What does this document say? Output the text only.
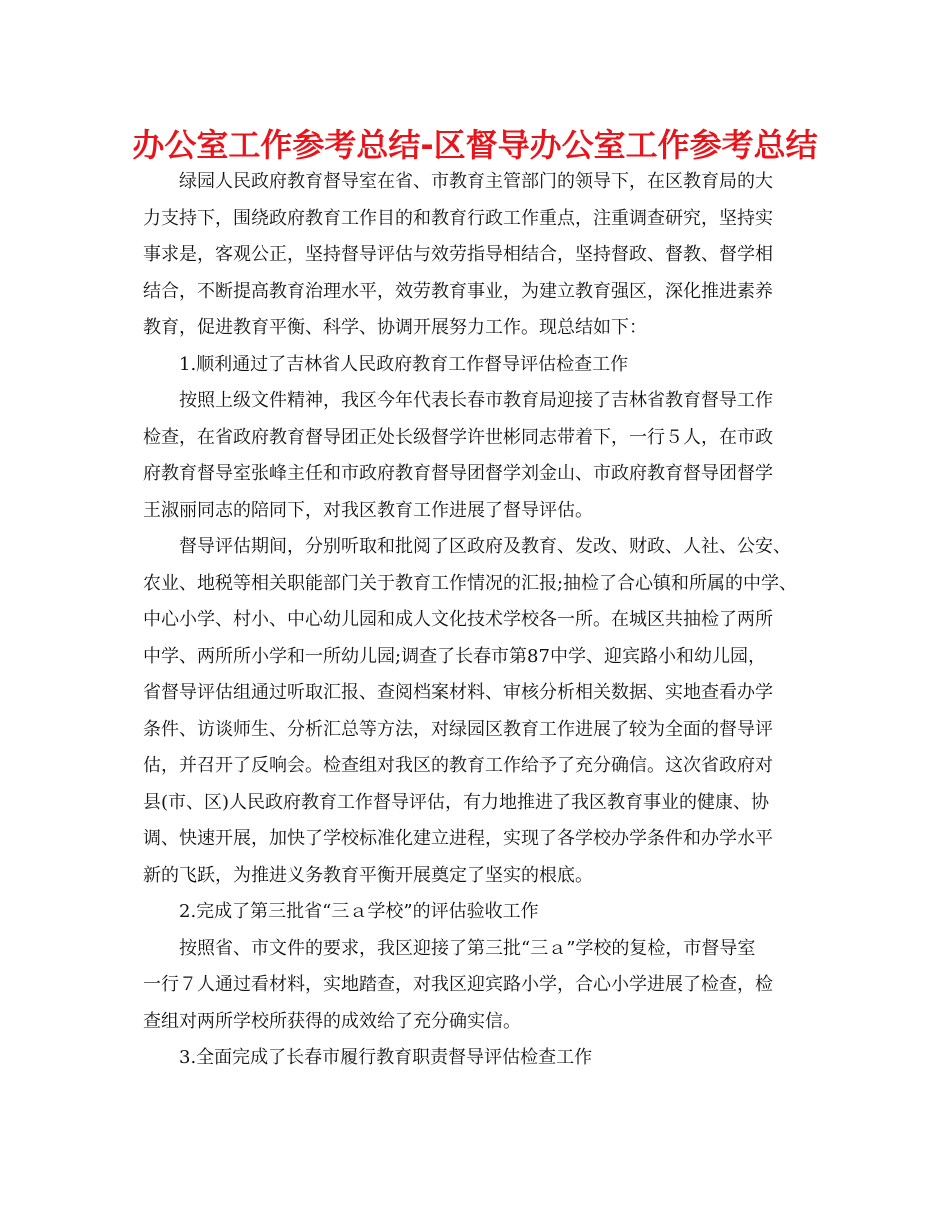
办公室工作参考总结-区督导办公室工作参考总结
绿园人民政府教育督导室在省、市教育主管部门的领导下，在区教育局的大
力支持下，围绕政府教育工作目的和教育行政工作重点，注重调查研究，坚持实
事求是，客观公正，坚持督导评估与效劳指导相结合，坚持督政、督教、督学相
结合，不断提高教育治理水平，效劳教育事业，为建立教育强区，深化推进素养
教育，促进教育平衡、科学、协调开展努力工作。现总结如下：
1.顺利通过了吉林省人民政府教育工作督导评估检查工作
按照上级文件精神，我区今年代表长春市教育局迎接了吉林省教育督导工作
检查，在省政府教育督导团正处长级督学许世彬同志带着下，一行５人，在市政
府教育督导室张峰主任和市政府教育督导团督学刘金山、市政府教育督导团督学
王淑丽同志的陪同下，对我区教育工作进展了督导评估。
督导评估期间，分别听取和批阅了区政府及教育、发改、财政、人社、公安、
农业、地税等相关职能部门关于教育工作情况的汇报;抽检了合心镇和所属的中学、
中心小学、村小、中心幼儿园和成人文化技术学校各一所。在城区共抽检了两所
中学、两所所小学和一所幼儿园;调查了长春市第87中学、迎宾路小和幼儿园，
省督导评估组通过听取汇报、查阅档案材料、审核分析相关数据、实地查看办学
条件、访谈师生、分析汇总等方法，对绿园区教育工作进展了较为全面的督导评
估，并召开了反响会。检查组对我区的教育工作给予了充分确信。这次省政府对
县(市、区)人民政府教育工作督导评估，有力地推进了我区教育事业的健康、协
调、快速开展，加快了学校标准化建立进程，实现了各学校办学条件和办学水平
新的飞跃，为推进义务教育平衡开展奠定了坚实的根底。
2.完成了第三批省“三ａ学校”的评估验收工作
按照省、市文件的要求，我区迎接了第三批“三ａ”学校的复检，市督导室
一行７人通过看材料，实地踏查，对我区迎宾路小学，合心小学进展了检查，检
查组对两所学校所获得的成效给了充分确实信。
3.全面完成了长春市履行教育职责督导评估检查工作
